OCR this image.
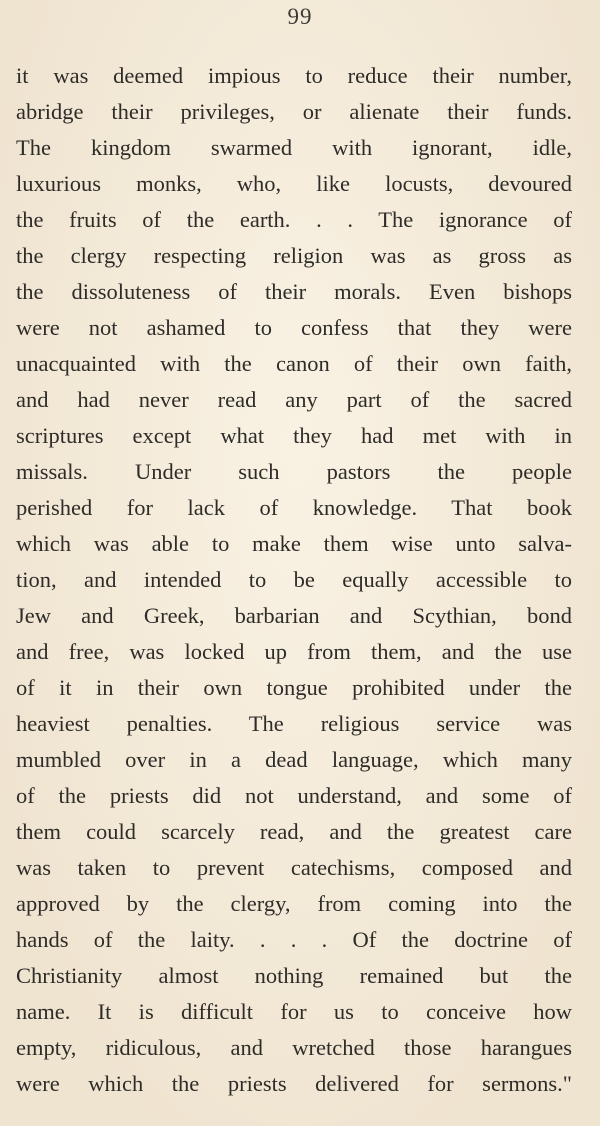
99
it was deemed impious to reduce their number,
abridge their privileges, or alienate their funds.
The kingdom swarmed with ignorant, idle,
luxurious monks, who, like locusts, devoured
the fruits of the earth. . . The ignorance of
the clergy respecting religion was as gross as
the dissoluteness of their morals. Even bishops
were not ashamed to confess that they were
unacquainted with the canon of their own faith,
and had never read any part of the sacred
scriptures except what they had met with in
missals. Under such pastors the people
perished for lack of knowledge. That book
which was able to make them wise unto salva-
tion, and intended to be equally accessible to
Jew and Greek, barbarian and Scythian, bond
and free, was locked up from them, and the use
of it in their own tongue prohibited under the
heaviest penalties. The religious service was
mumbled over in a dead language, which many
of the priests did not understand, and some of
them could scarcely read, and the greatest care
was taken to prevent catechisms, composed and
approved by the clergy, from coming into the
hands of the laity. . . . Of the doctrine of
Christianity almost nothing remained but the
name. It is difficult for us to conceive how
empty, ridiculous, and wretched those harangues
were which the priests delivered for sermons."
